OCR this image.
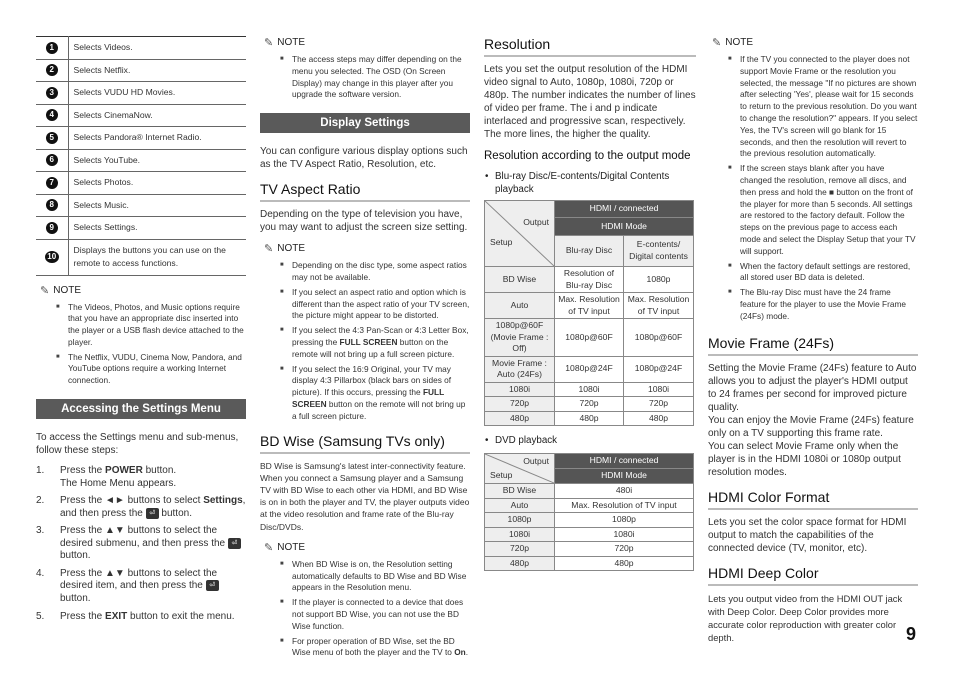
1	Selects Videos.
2	Selects Netflix.
3	Selects VUDU HD Movies.
4	Selects CinemaNow.
5	Selects Pandora® Internet Radio.
6	Selects YouTube.
7	Selects Photos.
8	Selects Music.
9	Selects Settings.
10	Displays the buttons you can use on the remote to access functions.
✎ NOTE
■ The Videos, Photos, and Music options require that you have an appropriate disc inserted into the player or a USB flash device attached to the player.
■ The Netflix, VUDU, Cinema Now, Pandora, and YouTube options require a working Internet connection.
Accessing the Settings Menu

To access the Settings menu and sub-menus, follow these steps:

1.	Press the POWER button.
The Home Menu appears.
2.	Press the ◄► buttons to select Settings, and then press the ⏎ button.
3.	Press the ▲▼ buttons to select the desired submenu, and then press the ⏎ button.
4.	Press the ▲▼ buttons to select the desired item, and then press the ⏎ button.
5.	Press the EXIT button to exit the menu.
✎ NOTE
■ The access steps may differ depending on the menu you selected. The OSD (On Screen Display) may change in this player after you upgrade the software version.
Display Settings

You can configure various display options such as the TV Aspect Ratio, Resolution, etc.

TV Aspect Ratio

Depending on the type of television you have, you may want to adjust the screen size setting.

✎ NOTE
■ Depending on the disc type, some aspect ratios may not be available.
■ If you select an aspect ratio and option which is different than the aspect ratio of your TV screen, the picture might appear to be distorted.
■ If you select the 4:3 Pan-Scan or 4:3 Letter Box, pressing the FULL SCREEN button on the remote will not bring up a full screen picture.
■ If you select the 16:9 Original, your TV may display 4:3 Pillarbox (black bars on sides of picture). If this occurs, pressing the FULL SCREEN button on the remote will not bring up a full screen picture.
BD Wise (Samsung TVs only)

BD Wise is Samsung's latest inter-connectivity feature. When you connect a Samsung player and a Samsung TV with BD Wise to each other via HDMI, and BD Wise is on in both the player and TV, the player outputs video at the video resolution and frame rate of the Blu-ray Disc/DVDs.

✎ NOTE
■ When BD Wise is on, the Resolution setting automatically defaults to BD Wise and BD Wise appears in the Resolution menu.
■ If the player is connected to a device that does not support BD Wise, you can not use the BD Wise function.
■ For proper operation of BD Wise, set the BD Wise menu of both the player and the TV to On.
Resolution

Lets you set the output resolution of the HDMI video signal to Auto, 1080p, 1080i, 720p or 480p. The number indicates the number of lines of video per frame. The i and p indicate interlaced and progressive scan, respectively. The more lines, the higher the quality.

Resolution according to the output mode
• Blu-ray Disc/E-contents/Digital Contents playback
Output
Setup	HDMI / connected	
	HDMI Mode	
	Blu-ray Disc	E-contents/ Digital contents
BD Wise	Resolution of Blu-ray Disc	1080p
Auto	Max. Resolution of TV input	Max. Resolution of TV input
1080p@60F (Movie Frame : Off)	1080p@60F	1080p@60F
Movie Frame : Auto (24Fs)	1080p@24F	1080p@24F
1080i	1080i	1080i
720p	720p	720p
480p	480p	480p
• DVD playback
Output
Setup	HDMI / connected
	HDMI Mode
BD Wise	480i
Auto	Max. Resolution of TV input
1080p	1080p
1080i	1080i
720p	720p
480p	480p
✎ NOTE
■ If the TV you connected to the player does not support Movie Frame or the resolution you selected, the message "If no pictures are shown after selecting 'Yes', please wait for 15 seconds to return to the previous resolution. Do you want to change the resolution?" appears. If you select Yes, the TV's screen will go blank for 15 seconds, and then the resolution will revert to the previous resolution automatically.
■ If the screen stays blank after you have changed the resolution, remove all discs, and then press and hold the ■ button on the front of the player for more than 5 seconds. All settings are restored to the factory default. Follow the steps on the previous page to access each mode and select the Display Setup that your TV will support.
■ When the factory default settings are restored, all stored user BD data is deleted.
■ The Blu-ray Disc must have the 24 frame feature for the player to use the Movie Frame (24Fs) mode.
Movie Frame (24Fs)

Setting the Movie Frame (24Fs) feature to Auto allows you to adjust the player's HDMI output to 24 frames per second for improved picture quality.

You can enjoy the Movie Frame (24Fs) feature only on a TV supporting this frame rate.

You can select Movie Frame only when the player is in the HDMI 1080i or 1080p output resolution modes.

HDMI Color Format

Lets you set the color space format for HDMI output to match the capabilities of the connected device (TV, monitor, etc).

HDMI Deep Color

Lets you output video from the HDMI OUT jack with Deep Color. Deep Color provides more accurate color reproduction with greater color depth.	9
